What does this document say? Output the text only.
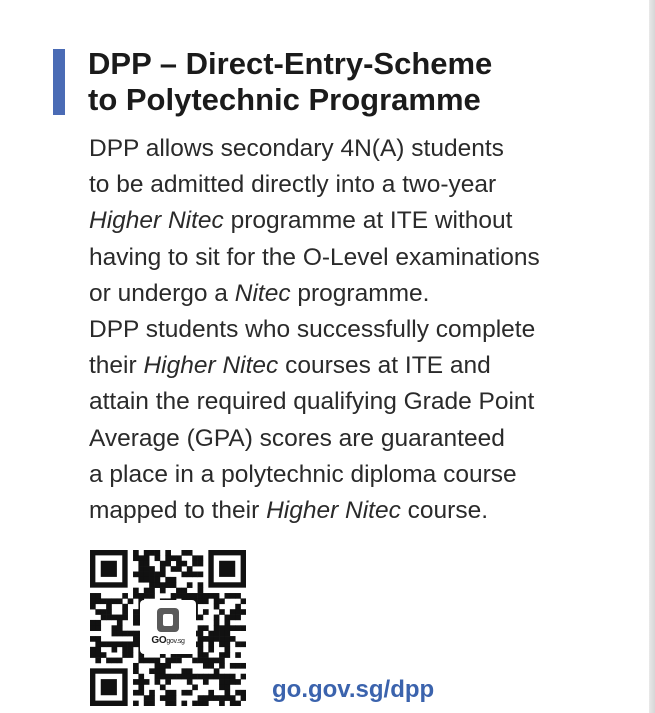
DPP – Direct-Entry-Scheme
to Polytechnic Programme
DPP allows secondary 4N(A) students
to be admitted directly into a two-year
Higher Nitec programme at ITE without
having to sit for the O-Level examinations
or undergo a Nitec programme.
DPP students who successfully complete
their Higher Nitec courses at ITE and
attain the required qualifying Grade Point
Average (GPA) scores are guaranteed
a place in a polytechnic diploma course
mapped to their Higher Nitec course.
GOgov.sg
go.gov.sg/dpp
